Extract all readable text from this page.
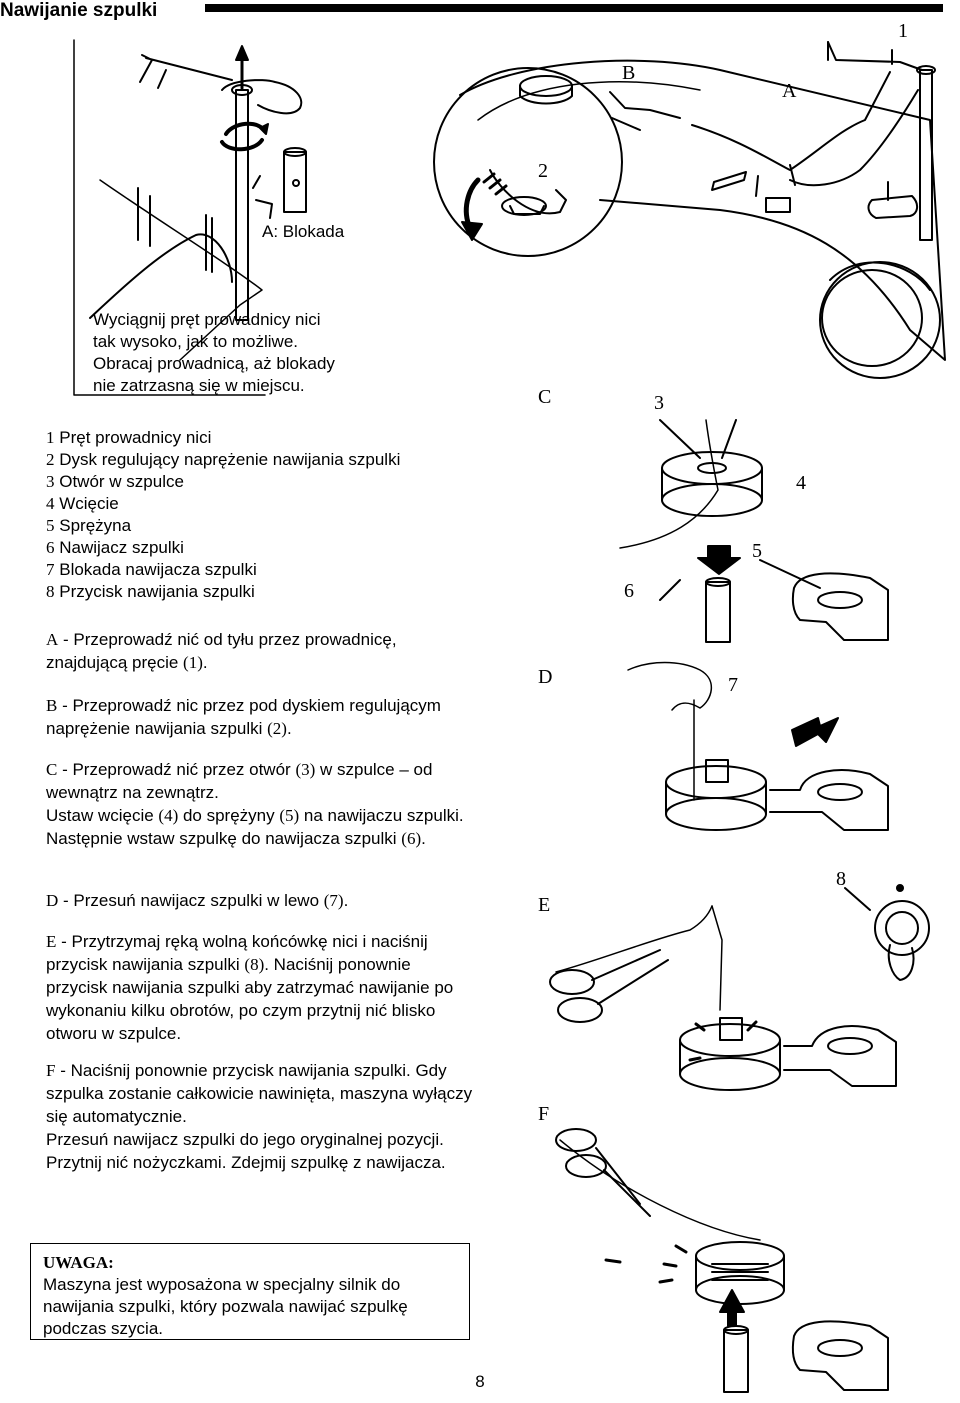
Nawijanie szpulki
A: Blokada
Wyciągnij pręt prowadnicy nici
tak wysoko, jak to możliwe.
Obracaj prowadnicą, aż blokady
nie zatrzasną się w miejscu.
1
B
A
2
C	3
4
5
6
D	7
8
E
F
1 Pręt prowadnicy nici
2 Dysk regulujący naprężenie nawijania szpulki
3 Otwór w szpulce
4 Wcięcie
5 Sprężyna
6 Nawijacz szpulki
7 Blokada nawijacza szpulki
8 Przycisk nawijania szpulki

A - Przeprowadź nić od tyłu przez prowadnicę, znajdującą pręcie (1).

B - Przeprowadź nic przez pod dyskiem regulującym naprężenie nawijania szpulki (2).

C - Przeprowadź nić przez otwór (3) w szpulce – od wewnątrz na zewnątrz.

Ustaw wcięcie (4) do sprężyny (5) na nawijaczu szpulki. Następnie wstaw szpulkę do nawijacza szpulki (6).

D - Przesuń nawijacz szpulki w lewo (7).

E - Przytrzymaj ręką wolną końcówkę nici i naciśnij przycisk nawijania szpulki (8). Naciśnij ponownie przycisk nawijania szpulki aby zatrzymać nawijanie po wykonaniu kilku obrotów, po czym przytnij nić blisko otworu w szpulce.

F - Naciśnij ponownie przycisk nawijania szpulki. Gdy szpulka zostanie całkowicie nawinięta, maszyna wyłączy się automatycznie.

Przesuń nawijacz szpulki do jego oryginalnej pozycji. Przytnij nić nożyczkami. Zdejmij szpulkę z nawijacza.

UWAGA:
Maszyna jest wyposażona w specjalny silnik do nawijania szpulki, który pozwala nawijać szpulkę podczas szycia.
8
